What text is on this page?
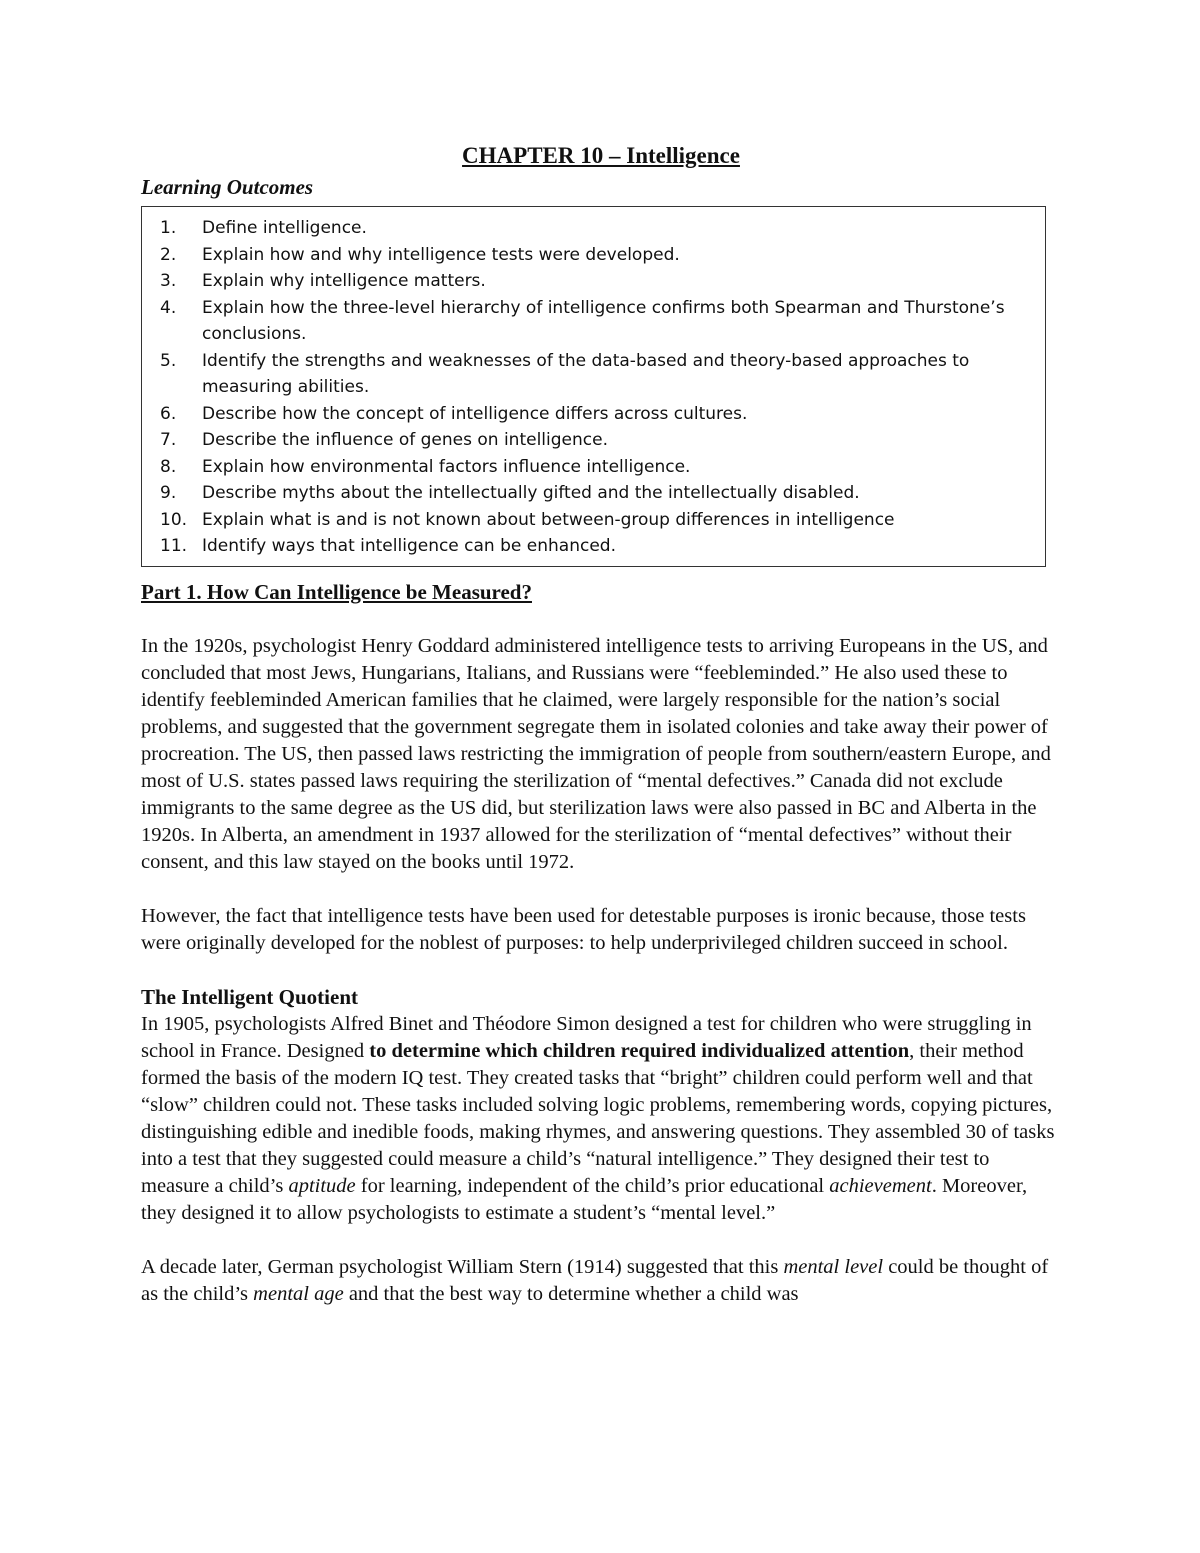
CHAPTER 10 – Intelligence
Learning Outcomes
1.	Define intelligence.
2.	Explain how and why intelligence tests were developed.
3.	Explain why intelligence matters.
4.	Explain how the three-level hierarchy of intelligence confirms both Spearman and Thurstone’s conclusions.
5.	Identify the strengths and weaknesses of the data-based and theory-based approaches to measuring abilities.
6.	Describe how the concept of intelligence differs across cultures.
7.	Describe the influence of genes on intelligence.
8.	Explain how environmental factors influence intelligence.
9.	Describe myths about the intellectually gifted and the intellectually disabled.
10. Explain what is and is not known about between-group differences in intelligence
11. Identify ways that intelligence can be enhanced.
Part 1. How Can Intelligence be Measured?

In the 1920s, psychologist Henry Goddard administered intelligence tests to arriving Europeans in the US, and concluded that most Jews, Hungarians, Italians, and Russians were “feebleminded.” He also used these to identify feebleminded American families that he claimed, were largely responsible for the nation’s social problems, and suggested that the government segregate them in isolated colonies and take away their power of procreation. The US, then passed laws restricting the immigration of people from southern/eastern Europe, and most of U.S. states passed laws requiring the sterilization of “mental defectives.” Canada did not exclude immigrants to the same degree as the US did, but sterilization laws were also passed in BC and Alberta in the 1920s. In Alberta, an amendment in 1937 allowed for the sterilization of “mental defectives” without their consent, and this law stayed on the books until 1972.

However, the fact that intelligence tests have been used for detestable purposes is ironic because, those tests were originally developed for the noblest of purposes: to help underprivileged children succeed in school.

The Intelligent Quotient

In 1905, psychologists Alfred Binet and Théodore Simon designed a test for children who were struggling in school in France. Designed to determine which children required individualized attention, their method formed the basis of the modern IQ test. They created tasks that “bright” children could perform well and that “slow” children could not. These tasks included solving logic problems, remembering words, copying pictures, distinguishing edible and inedible foods, making rhymes, and answering questions. They assembled 30 of tasks into a test that they suggested could measure a child’s “natural intelligence.” They designed their test to measure a child’s aptitude for learning, independent of the child’s prior educational achievement. Moreover, they designed it to allow psychologists to estimate a student’s “mental level.”

A decade later, German psychologist William Stern (1914) suggested that this mental level could be thought of as the child’s mental age and that the best way to determine whether a child was
